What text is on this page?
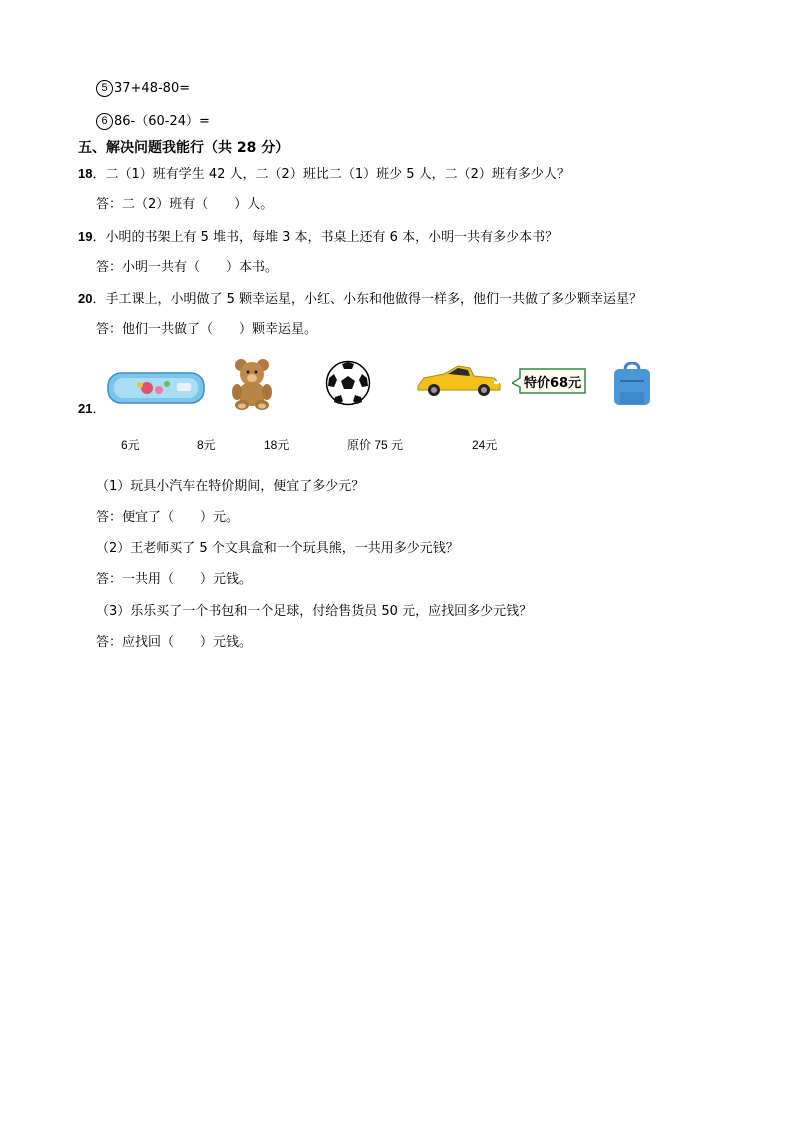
5 37+48-80=
6 86-（60-24）=
五、解决问题我能行（共 28 分）
18．二（1）班有学生 42 人，二（2）班比二（1）班少 5 人，二（2）班有多少人？
答：二（2）班有（　　）人。
19．小明的书架上有 5 堆书，每堆 3 本，书桌上还有 6 本，小明一共有多少本书？
答：小明一共有（　　）本书。
20．手工课上，小明做了 5 颗幸运星，小红、小东和他做得一样多，他们一共做了多少颗幸运星？
答：他们一共做了（　　）颗幸运星。
21．
特价68元
6元	8元	18元	原价 75 元	24元
（1）玩具小汽车在特价期间，便宜了多少元？
答：便宜了（　　）元。
（2）王老师买了 5 个文具盒和一个玩具熊，一共用多少元钱？
答：一共用（　　）元钱。
（3）乐乐买了一个书包和一个足球，付给售货员 50 元，应找回多少元钱？
答：应找回（　　）元钱。
